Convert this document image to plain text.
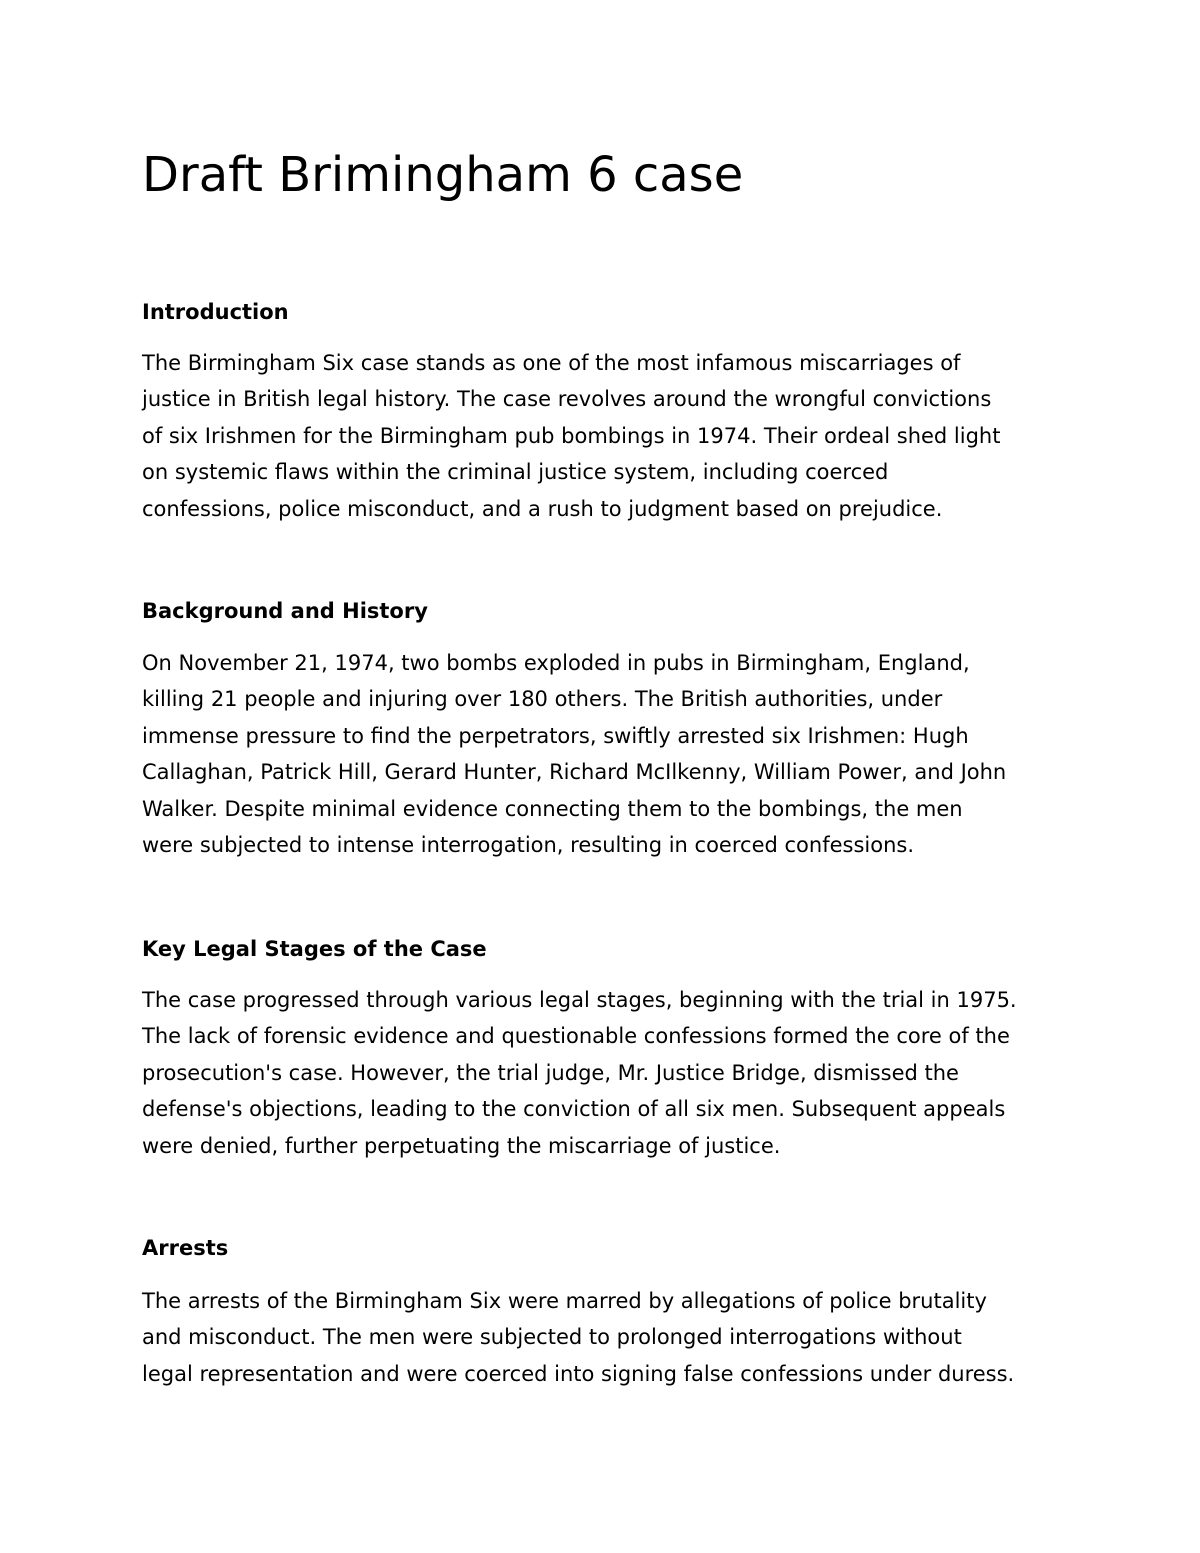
Draft Brimingham 6 case
Introduction
The Birmingham Six case stands as one of the most infamous miscarriages of
justice in British legal history. The case revolves around the wrongful convictions
of six Irishmen for the Birmingham pub bombings in 1974. Their ordeal shed light
on systemic flaws within the criminal justice system, including coerced
confessions, police misconduct, and a rush to judgment based on prejudice.
Background and History
On November 21, 1974, two bombs exploded in pubs in Birmingham, England,
killing 21 people and injuring over 180 others. The British authorities, under
immense pressure to find the perpetrators, swiftly arrested six Irishmen: Hugh
Callaghan, Patrick Hill, Gerard Hunter, Richard McIlkenny, William Power, and John
Walker. Despite minimal evidence connecting them to the bombings, the men
were subjected to intense interrogation, resulting in coerced confessions.
Key Legal Stages of the Case
The case progressed through various legal stages, beginning with the trial in 1975.
The lack of forensic evidence and questionable confessions formed the core of the
prosecution's case. However, the trial judge, Mr. Justice Bridge, dismissed the
defense's objections, leading to the conviction of all six men. Subsequent appeals
were denied, further perpetuating the miscarriage of justice.
Arrests
The arrests of the Birmingham Six were marred by allegations of police brutality
and misconduct. The men were subjected to prolonged interrogations without
legal representation and were coerced into signing false confessions under duress.
